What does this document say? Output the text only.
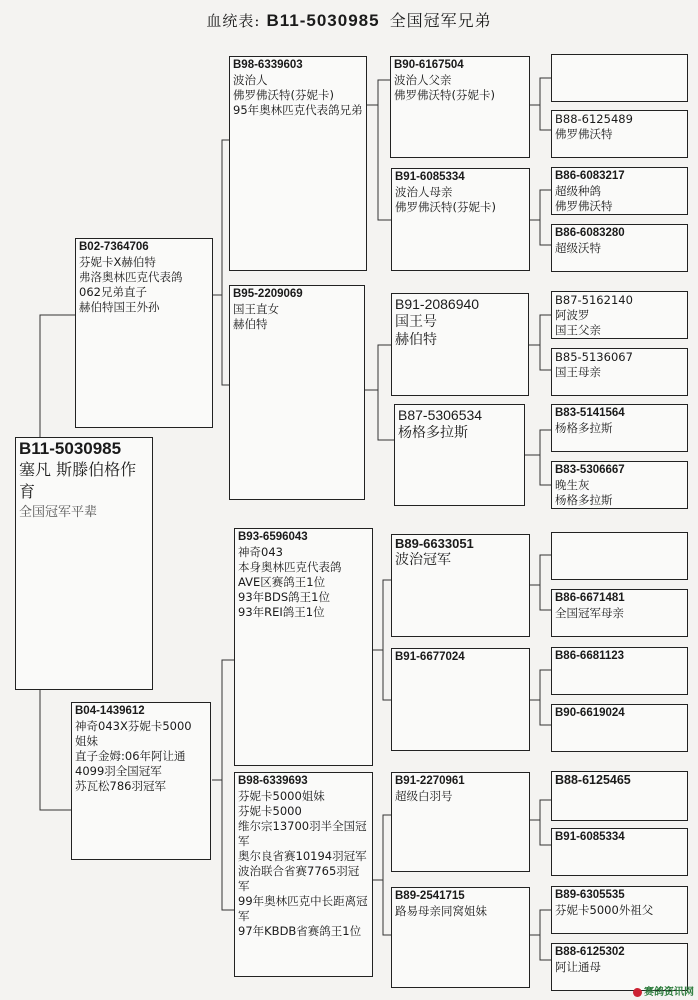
血统表: B11-5030985 全国冠军兄弟
B11-5030985
塞凡 斯滕伯格作育
全国冠军平辈
B02-7364706
芬妮卡X赫伯特
弗洛奥林匹克代表鸽
062兄弟直子
赫伯特国王外孙
B04-1439612
神奇043X芬妮卡5000
姐妹
直子金姆:06年阿让通
4099羽全国冠军
苏瓦松786羽冠军
B98-6339603
波治人
佛罗佛沃特(芬妮卡)
95年奥林匹克代表鸽兄弟
B95-2209069
国王直女
赫伯特
B93-6596043
神奇043
本身奥林匹克代表鸽
AVE区赛鸽王1位
93年BDS鸽王1位
93年REI鸽王1位
B98-6339693
芬妮卡5000姐妹
芬妮卡5000
维尔宗13700羽半全国冠军
奥尔良省赛10194羽冠军
波治联合省赛7765羽冠军
99年奥林匹克中长距离冠军
97年KBDB省赛鸽王1位
B90-6167504
波治人父亲
佛罗佛沃特(芬妮卡)
B91-6085334
波治人母亲
佛罗佛沃特(芬妮卡)
B91-2086940
国王号
赫伯特
B87-5306534
杨格多拉斯
B89-6633051
波治冠军
B91-6677024
B91-2270961
超级白羽号
B89-2541715
路易母亲同窝姐妹
B88-6125489
佛罗佛沃特
B86-6083217
超级种鸽
佛罗佛沃特
B86-6083280
超级沃特
B87-5162140
阿波罗
国王父亲
B85-5136067
国王母亲
B83-5141564
杨格多拉斯
B83-5306667
晚生灰
杨格多拉斯
B86-6671481
全国冠军母亲
B86-6681123
B90-6619024
B88-6125465
B91-6085334
B89-6305535
芬妮卡5000外祖父
B88-6125302
阿让通母
赛鸽资讯网
